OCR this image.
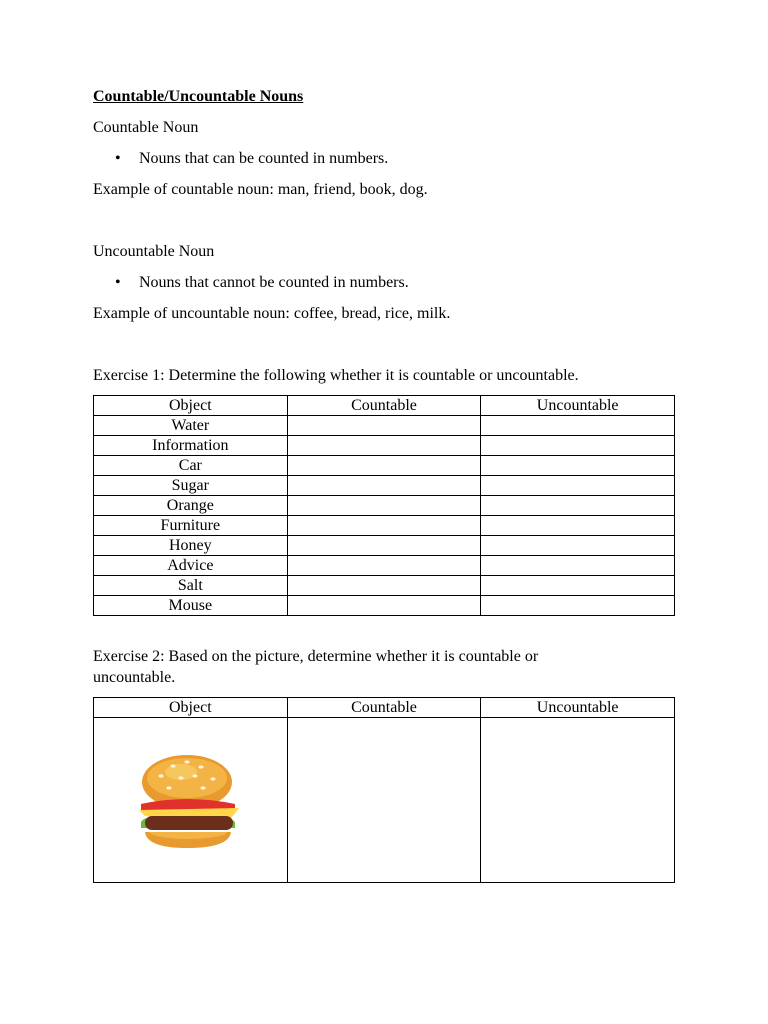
Countable/Uncountable Nouns

Countable Noun

• Nouns that can be counted in numbers.

Example of countable noun: man, friend, book, dog.

Uncountable Noun

• Nouns that cannot be counted in numbers.

Example of uncountable noun: coffee, bread, rice, milk.

Exercise 1: Determine the following whether it is countable or uncountable.

Object	Countable	Uncountable
Water		
Information		
Car		
Sugar		
Orange		
Furniture		
Honey		
Advice		
Salt		
Mouse		

Exercise 2: Based on the picture, determine whether it is countable or uncountable.

Object	Countable	Uncountable
